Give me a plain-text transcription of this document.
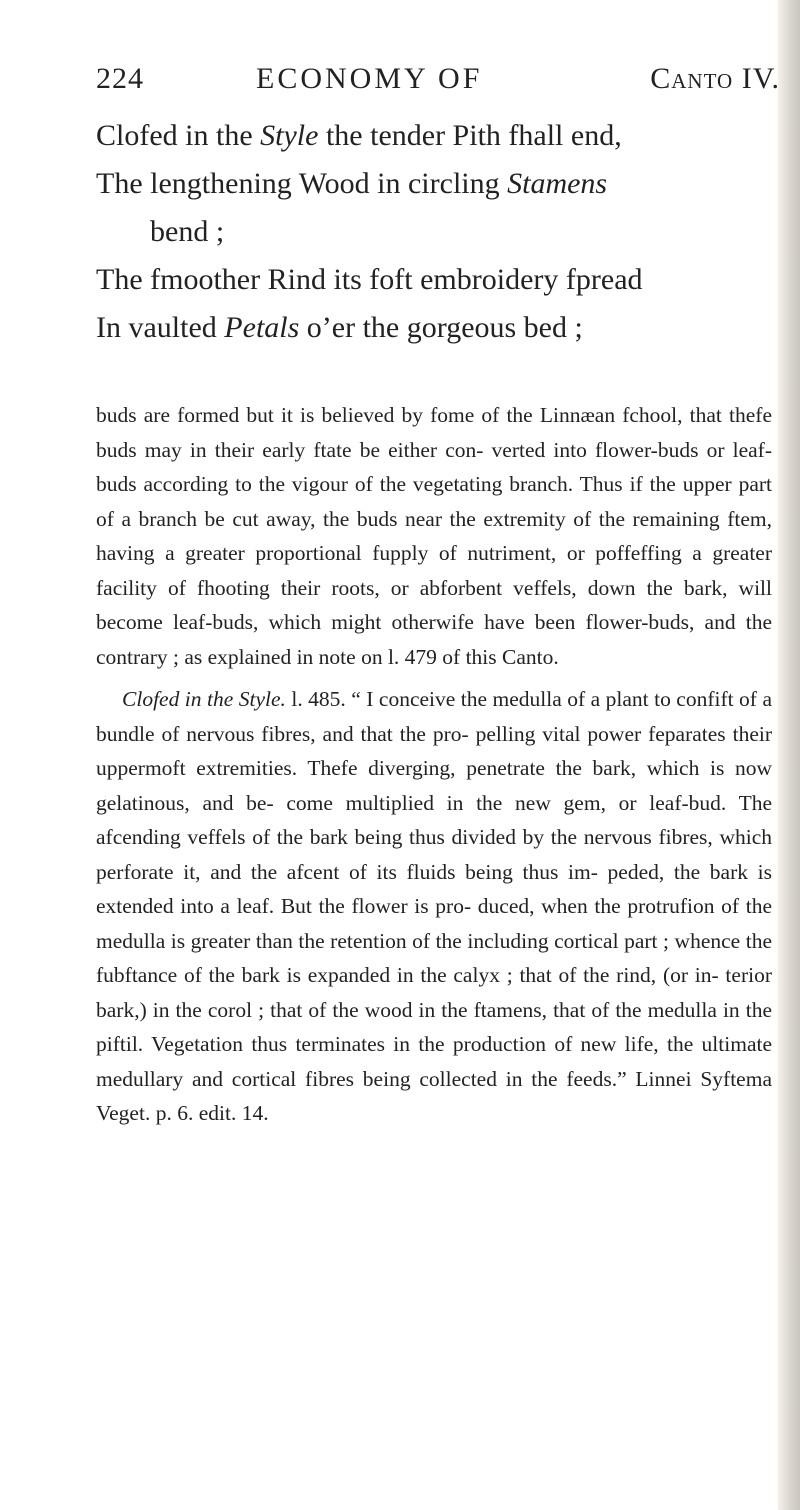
224	ECONOMY OF	Canto IV.
Clofed in the Style the tender Pith fhall end,
The lengthening Wood in circling Stamens
bend ;
The fmoother Rind its foft embroidery fpread
In vaulted Petals o’er the gorgeous bed ;

buds are formed but it is believed by fome of the Linnæan fchool, that thefe buds may in their early ftate be either con- verted into flower-buds or leaf-buds according to the vigour of the vegetating branch. Thus if the upper part of a branch be cut away, the buds near the extremity of the remaining ftem, having a greater proportional fupply of nutriment, or poffeffing a greater facility of fhooting their roots, or abforbent veffels, down the bark, will become leaf-buds, which might otherwife have been flower-buds, and the contrary ; as explained in note on l. 479 of this Canto.

Clofed in the Style. l. 485. “ I conceive the medulla of a plant to confift of a bundle of nervous fibres, and that the pro- pelling vital power feparates their uppermoft extremities. Thefe diverging, penetrate the bark, which is now gelatinous, and be- come multiplied in the new gem, or leaf-bud. The afcending veffels of the bark being thus divided by the nervous fibres, which perforate it, and the afcent of its fluids being thus im- peded, the bark is extended into a leaf. But the flower is pro- duced, when the protrufion of the medulla is greater than the retention of the including cortical part ; whence the fubftance of the bark is expanded in the calyx ; that of the rind, (or in- terior bark,) in the corol ; that of the wood in the ftamens, that of the medulla in the piftil. Vegetation thus terminates in the production of new life, the ultimate medullary and cortical fibres being collected in the feeds.” Linnei Syftema Veget. p. 6. edit. 14.
